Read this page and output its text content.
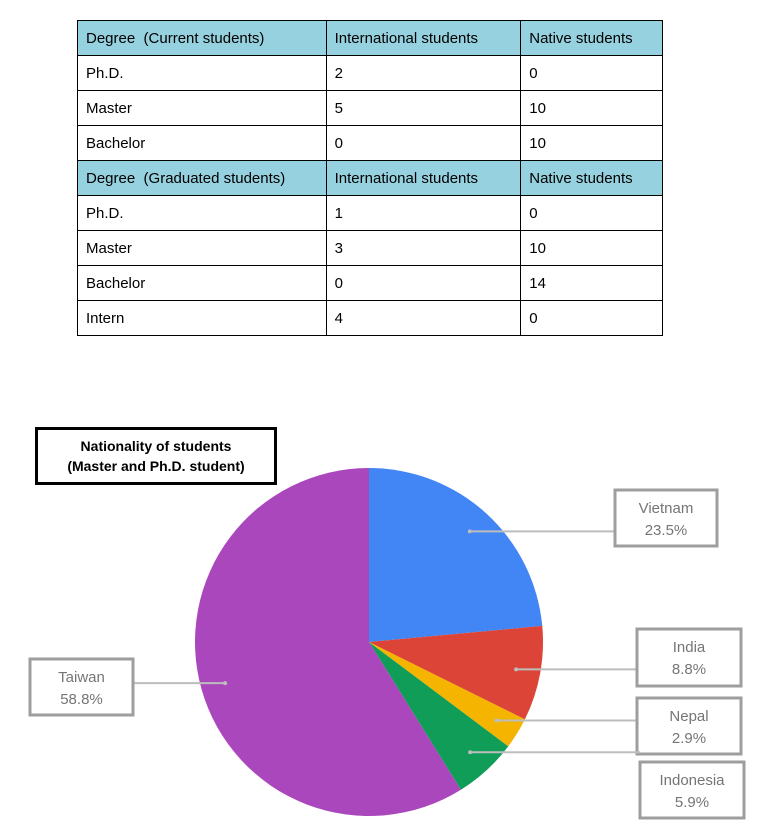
Degree  (Current students)	International students	Native students
Ph.D.	2	0
Master	5	10
Bachelor	0	10
Degree  (Graduated students)	International students	Native students
Ph.D.	1	0
Master	3	10
Bachelor	0	14
Intern	4	0
Nationality of students
(Master and Ph.D. student)
Vietnam
23.5%
India
8.8%
Nepal
2.9%
Indonesia
5.9%
Taiwan
58.8%
